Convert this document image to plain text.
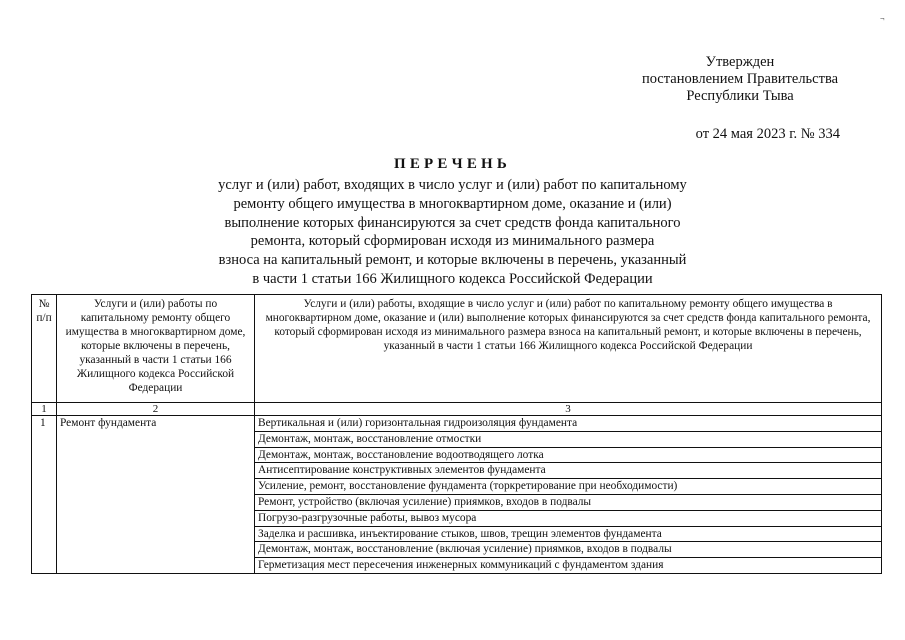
¬
Утвержден
постановлением Правительства
Республики Тыва
от 24 мая 2023 г. № 334
ПЕРЕЧЕНЬ
услуг и (или) работ, входящих в число услуг и (или) работ по капитальному
ремонту общего имущества в многоквартирном доме, оказание и (или)
выполнение которых финансируются за счет средств фонда капитального
ремонта, который сформирован исходя из минимального размера
взноса на капитальный ремонт, и которые включены в перечень, указанный
в части 1 статьи 166 Жилищного кодекса Российской Федерации
№ п/п	Услуги и (или) работы по капитальному ремонту общего имущества в многоквартирном доме, которые включены в перечень, указанный в части 1 статьи 166 Жилищного кодекса Российской Федерации	Услуги и (или) работы, входящие в число услуг и (или) работ по капитальному ремонту общего имущества в многоквартирном доме, оказание и (или) выполнение которых финансируются за счет средств фонда капитального ремонта, который сформирован исходя из минимального размера взноса на капитальный ремонт, и которые включены в перечень, указанный в части 1 статьи 166 Жилищного кодекса Российской Федерации
1	2	3
1	Ремонт фундамента	Вертикальная и (или) горизонтальная гидроизоляция фундамента
		Демонтаж, монтаж, восстановление отмостки
		Демонтаж, монтаж, восстановление водоотводящего лотка
		Антисептирование конструктивных элементов фундамента
		Усиление, ремонт, восстановление фундамента (торкретирование при необходимости)
		Ремонт, устройство (включая усиление) приямков, входов в подвалы
		Погрузо-разгрузочные работы, вывоз мусора
		Заделка и расшивка, инъектирование стыков, швов, трещин элементов фундамента
		Демонтаж, монтаж, восстановление (включая усиление) приямков, входов в подвалы
		Герметизация мест пересечения инженерных коммуникаций с фундаментом здания
